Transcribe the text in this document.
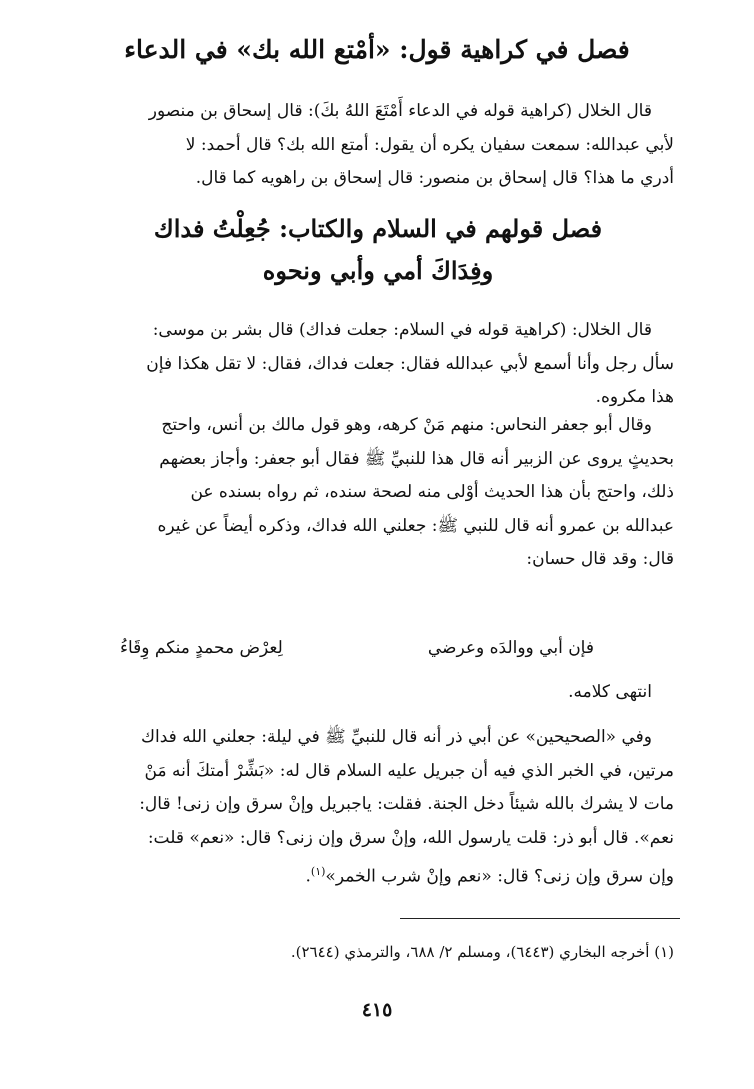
فصل في كراهية قول: «أمْتع الله بك» في الدعاء
قال الخلال (كراهية قوله في الدعاء أَمْتَعَ اللهُ بكَ): قال إسحاق بن منصور
لأبي عبدالله: سمعت سفيان يكره أن يقول: أمتع الله بك؟ قال أحمد: لا
أدري ما هذا؟ قال إسحاق بن منصور: قال إسحاق بن راهويه كما قال.
فصل قولهم في السلام والكتاب: جُعِلْتُ فداك
وفِدَاكَ أمي وأبي ونحوه
قال الخلال: (كراهية قوله في السلام: جعلت فداك) قال بشر بن موسى:
سأل رجل وأنا أسمع لأبي عبدالله فقال: جعلت فداك، فقال: لا تقل هكذا فإن
هذا مكروه.
وقال أبو جعفر النحاس: منهم مَنْ كرهه، وهو قول مالك بن أنس، واحتج
بحديثٍ يروى عن الزبير أنه قال هذا للنبيِّ ﷺ فقال أبو جعفر: وأجاز بعضهم
ذلك، واحتج بأن هذا الحديث أوْلى منه لصحة سنده، ثم رواه بسنده عن
عبدالله بن عمرو أنه قال للنبي ﷺ: جعلني الله فداك، وذكره أيضاً عن غيره
قال: وقد قال حسان:
فإن أبي ووالدَه وعرضي
لِعرْض محمدٍ منكم وِقَاءُ
انتهى كلامه.
وفي «الصحيحين» عن أبي ذر أنه قال للنبيِّ ﷺ في ليلة: جعلني الله فداك
مرتين، في الخبر الذي فيه أن جبريل عليه السلام قال له: «بَشِّرْ أمتكَ أنه مَنْ
مات لا يشرك بالله شيئاً دخل الجنة. فقلت: ياجبريل وإنْ سرق وإن زنى! قال:
نعم». قال أبو ذر: قلت يارسول الله، وإنْ سرق وإن زنى؟ قال: «نعم» قلت:
وإن سرق وإن زنى؟ قال: «نعم وإنْ شرب الخمر»$^{(١)}$.
(١) أخرجه البخاري (٦٤٤٣)، ومسلم ٢/ ٦٨٨، والترمذي (٢٦٤٤).
٤١٥
